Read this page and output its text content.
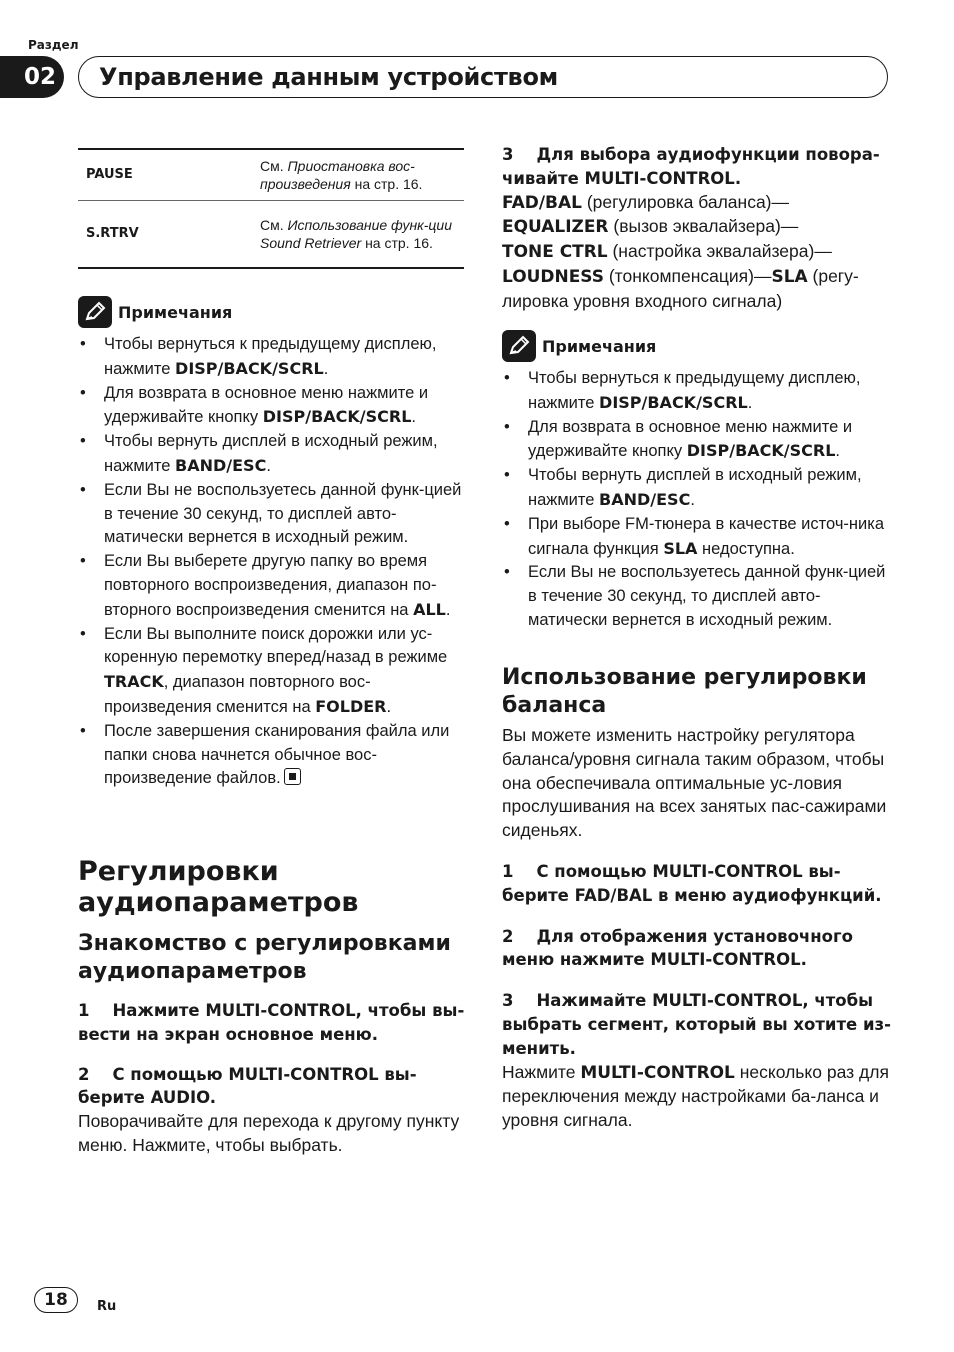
Раздел
02	Управление данным устройством
PAUSE	См. Приостановка вос-произведения на стр. 16.
S.RTRV	См. Использование функ-ции Sound Retriever на стр. 16.
Примечания
• Чтобы вернуться к предыдущему дисплею, нажмите DISP/BACK/SCRL.
• Для возврата в основное меню нажмите и удерживайте кнопку DISP/BACK/SCRL.
• Чтобы вернуть дисплей в исходный режим, нажмите BAND/ESC.
• Если Вы не воспользуетесь данной функ-цией в течение 30 секунд, то дисплей авто-матически вернется в исходный режим.
• Если Вы выберете другую папку во время повторного воспроизведения, диапазон по-вторного воспроизведения сменится на ALL.
• Если Вы выполните поиск дорожки или ус-коренную перемотку вперед/назад в режиме TRACK, диапазон повторного вос-произведения сменится на FOLDER.
• После завершения сканирования файла или папки снова начнется обычное вос-произведение файлов.
Регулировки аудиопараметров
Знакомство с регулировками аудиопараметров
1    Нажмите MULTI-CONTROL, чтобы вы-вести на экран основное меню.
2    С помощью MULTI-CONTROL вы-берите AUDIO.
Поворачивайте для перехода к другому пункту меню. Нажмите, чтобы выбрать.
3    Для выбора аудиофункции повора-чивайте MULTI-CONTROL.
FAD/BAL (регулировка баланса)—
EQUALIZER (вызов эквалайзера)—
TONE CTRL (настройка эквалайзера)—
LOUDNESS (тонкомпенсация)—SLA (регу-лировка уровня входного сигнала)
Примечания
• Чтобы вернуться к предыдущему дисплею, нажмите DISP/BACK/SCRL.
• Для возврата в основное меню нажмите и удерживайте кнопку DISP/BACK/SCRL.
• Чтобы вернуть дисплей в исходный режим, нажмите BAND/ESC.
• При выборе FM-тюнера в качестве источ-ника сигнала функция SLA недоступна.
• Если Вы не воспользуетесь данной функ-цией в течение 30 секунд, то дисплей авто-матически вернется в исходный режим.
Использование регулировки баланса
Вы можете изменить настройку регулятора баланса/уровня сигнала таким образом, чтобы она обеспечивала оптимальные ус-ловия прослушивания на всех занятых пас-сажирами сиденьях.
1    С помощью MULTI-CONTROL вы-берите FAD/BAL в меню аудиофункций.
2    Для отображения установочного меню нажмите MULTI-CONTROL.
3    Нажимайте MULTI-CONTROL, чтобы выбрать сегмент, который вы хотите из-менить.
Нажмите MULTI-CONTROL несколько раз для переключения между настройками ба-ланса и уровня сигнала.
18	Ru
